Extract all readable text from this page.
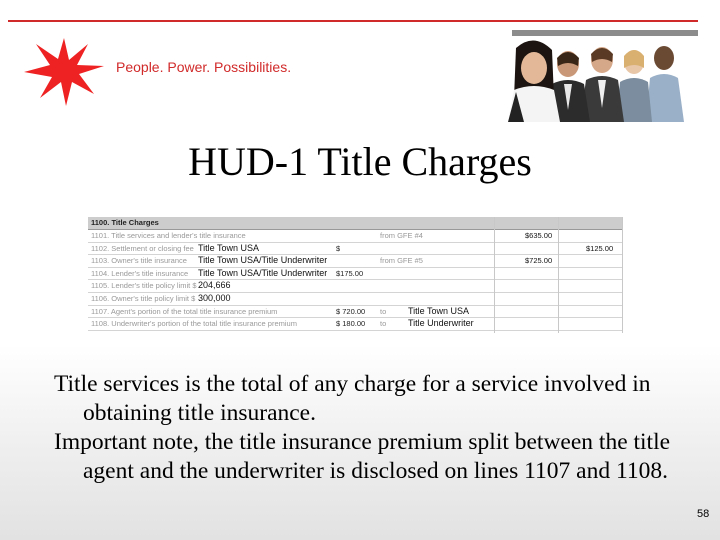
People. Power. Possibilities.
HUD-1 Title Charges
1100. Title Charges
1101. Title services and lender's title insurance	from GFE #4	$635.00
1102. Settlement or closing fee Title Town USA	$	$125.00
1103. Owner's title insurance	Title Town USA/Title Underwriter	from GFE #5	$725.00
1104. Lender's title insurance	Title Town USA/Title Underwriter $175.00
1105. Lender's title policy limit $ 204,666
1106. Owner's title policy limit $ 300,000
1107. Agent's portion of the total title insurance premium	$ 720.00 to Title Town USA
1108. Underwriter's portion of the total title insurance premium	$ 180.00 to Title Underwriter

Title services is the total of any charge for a service involved in obtaining title insurance.

Important note, the title insurance premium split between the title agent and the underwriter is disclosed on lines 1107 and 1108.

58
